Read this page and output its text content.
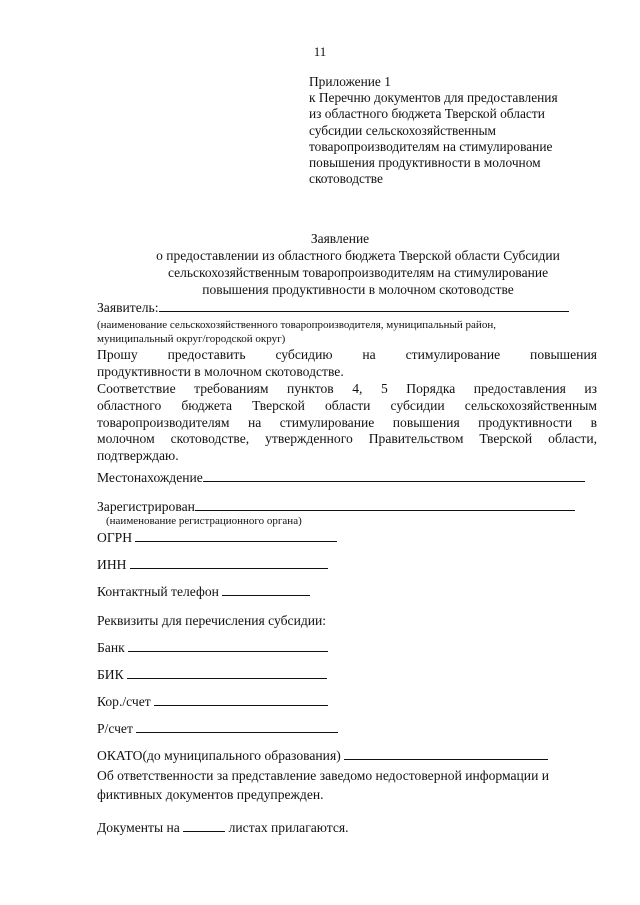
11
Приложение 1
к Перечню документов для предоставления
из областного бюджета Тверской области
субсидии сельскохозяйственным
товаропроизводителям на стимулирование
повышения продуктивности в молочном
скотоводстве
Заявление
о предоставлении из областного бюджета Тверской области Субсидии
сельскохозяйственным товаропроизводителям на стимулирование
повышения продуктивности в молочном скотоводстве
Заявитель:
(наименование сельскохозяйственного товаропроизводителя, муниципальный район,
муниципальный округ/городской округ)
Прошу предоставить субсидию на стимулирование повышения
продуктивности в молочном скотоводстве.
Соответствие требованиям пунктов 4, 5 Порядка предоставления из
областного бюджета Тверской области субсидии сельскохозяйственным
товаропроизводителям на стимулирование повышения продуктивности в
молочном скотоводстве, утвержденного Правительством Тверской области,
подтверждаю.
Местонахождение
Зарегистрирован
(наименование регистрационного органа)
ОГРН
ИНН
Контактный телефон
Реквизиты для перечисления субсидии:
Банк
БИК
Кор./счет
Р/счет
ОКАТО(до муниципального образования)
Об ответственности за представление заведомо недостоверной информации и
фиктивных документов предупрежден.
Документы на	листах прилагаются.
